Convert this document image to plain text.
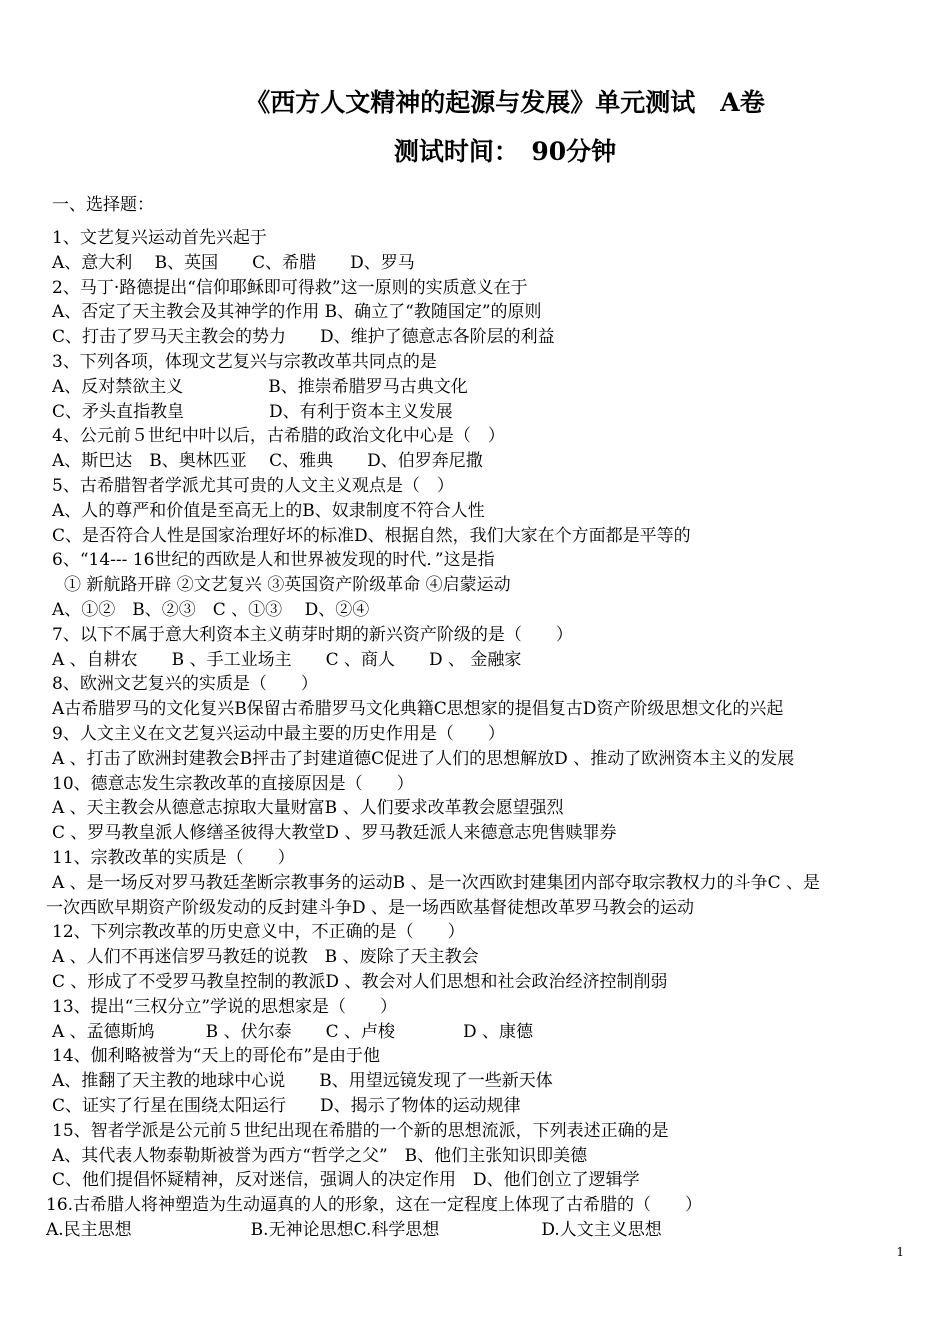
《西方人文精神的起源与发展》单元测试　A卷
测试时间：　90分钟
一、选择题：
1、文艺复兴运动首先兴起于
A、意大利　 B、英国　　C、希腊　　D、罗马
2、马丁·路德提出“信仰耶稣即可得救”这一原则的实质意义在于
A、否定了天主教会及其神学的作用 B、确立了“教随国定”的原则
C、打击了罗马天主教会的势力　　D、维护了德意志各阶层的利益
3、下列各项，体现文艺复兴与宗教改革共同点的是
A、反对禁欲主义　　　　　B、推崇希腊罗马古典文化
C、矛头直指教皇　　　　　D、有利于资本主义发展
4、公元前５世纪中叶以后，古希腊的政治文化中心是（　）
A、斯巴达　B、奥林匹亚　 C、雅典　　D、伯罗奔尼撒
5、古希腊智者学派尤其可贵的人文主义观点是（　）
A、人的尊严和价值是至高无上的B、奴隶制度不符合人性
C、是否符合人性是国家治理好坏的标准D、根据自然，我们大家在个方面都是平等的
6、“14--- 16世纪的西欧是人和世界被发现的时代．”这是指
① 新航路开辟 ②文艺复兴 ③英国资产阶级革命 ④启蒙运动
A、①②　B、②③　C 、①③　 D、②④
7、以下不属于意大利资本主义萌芽时期的新兴资产阶级的是（　　）
A 、自耕农　　B 、手工业场主　　C 、商人　　D 、 金融家
8、欧洲文艺复兴的实质是（　　）
A古希腊罗马的文化复兴B保留古希腊罗马文化典籍C思想家的提倡复古D资产阶级思想文化的兴起
9、人文主义在文艺复兴运动中最主要的历史作用是（　　）
A 、打击了欧洲封建教会B抨击了封建道德C促进了人们的思想解放D 、推动了欧洲资本主义的发展
10、德意志发生宗教改革的直接原因是（　　）
A 、天主教会从德意志掠取大量财富B 、人们要求改革教会愿望强烈
C 、罗马教皇派人修缮圣彼得大教堂D 、罗马教廷派人来德意志兜售赎罪券
11、宗教改革的实质是（　　）
A 、是一场反对罗马教廷垄断宗教事务的运动B 、是一次西欧封建集团内部夺取宗教权力的斗争C 、是
一次西欧早期资产阶级发动的反封建斗争D 、是一场西欧基督徒想改革罗马教会的运动
12、下列宗教改革的历史意义中，不正确的是（　　）
A 、人们不再迷信罗马教廷的说教　B 、废除了天主教会
C 、形成了不受罗马教皇控制的教派D 、教会对人们思想和社会政治经济控制削弱
13、提出“三权分立”学说的思想家是（　　）
A 、孟德斯鸠　　　B 、伏尔泰　　C 、卢梭　　　　D 、康德
14、伽利略被誉为“天上的哥伦布”是由于他
A、推翻了天主教的地球中心说　　B、用望远镜发现了一些新天体
C、证实了行星在围绕太阳运行　　D、揭示了物体的运动规律
15、智者学派是公元前５世纪出现在希腊的一个新的思想流派，下列表述正确的是
A、其代表人物泰勒斯被誉为西方“哲学之父”　B、他们主张知识即美德
C、他们提倡怀疑精神，反对迷信，强调人的决定作用　D、他们创立了逻辑学
16.古希腊人将神塑造为生动逼真的人的形象，这在一定程度上体现了古希腊的（　　）
A.民主思想　　　　　　　B.无神论思想C.科学思想　　　　　　D.人文主义思想
1
